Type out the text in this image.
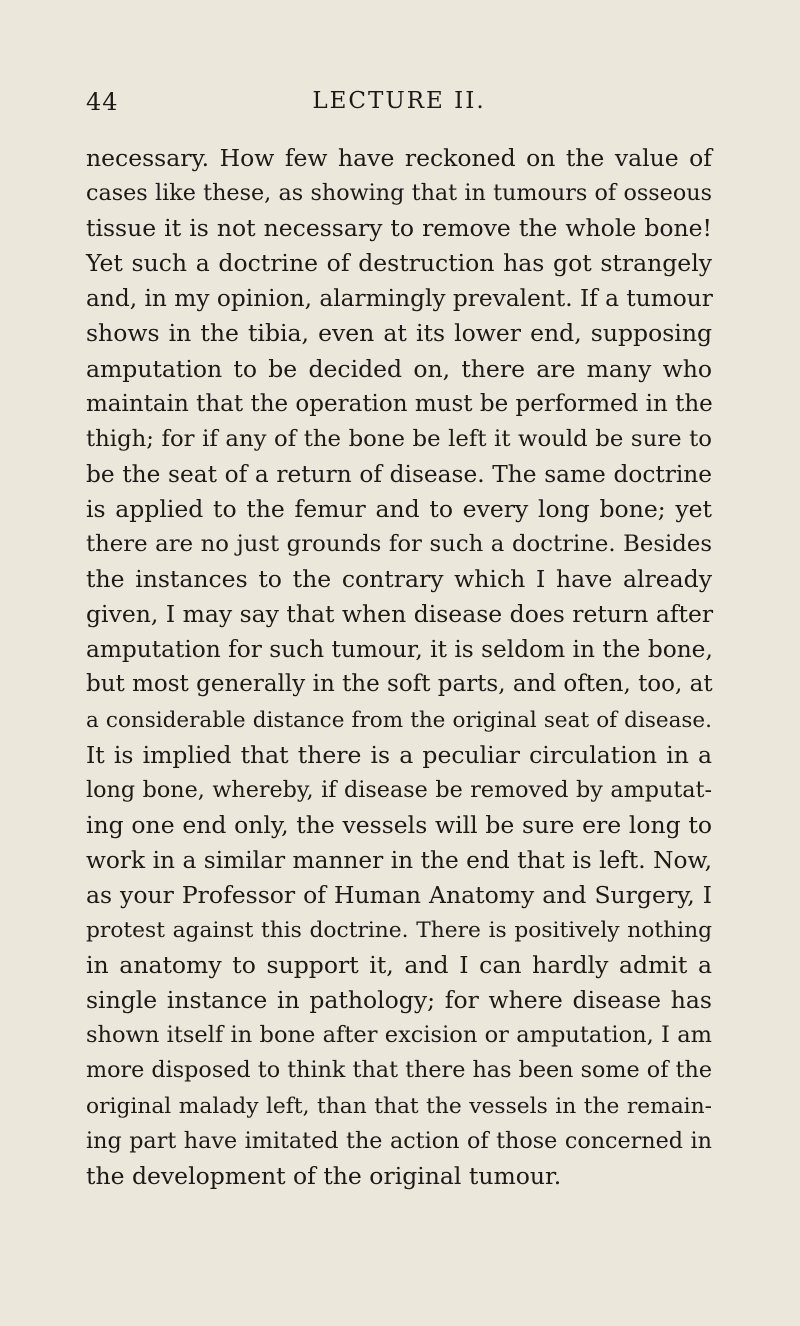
44	LECTURE II.
necessary. How few have reckoned on the value of
cases like these, as showing that in tumours of osseous
tissue it is not necessary to remove the whole bone!
Yet such a doctrine of destruction has got strangely
and, in my opinion, alarmingly prevalent. If a tumour
shows in the tibia, even at its lower end, supposing
amputation to be decided on, there are many who
maintain that the operation must be performed in the
thigh; for if any of the bone be left it would be sure to
be the seat of a return of disease. The same doctrine
is applied to the femur and to every long bone; yet
there are no just grounds for such a doctrine. Besides
the instances to the contrary which I have already
given, I may say that when disease does return after
amputation for such tumour, it is seldom in the bone,
but most generally in the soft parts, and often, too, at
a considerable distance from the original seat of disease.
It is implied that there is a peculiar circulation in a
long bone, whereby, if disease be removed by amputat-
ing one end only, the vessels will be sure ere long to
work in a similar manner in the end that is left. Now,
as your Professor of Human Anatomy and Surgery, I
protest against this doctrine. There is positively nothing
in anatomy to support it, and I can hardly admit a
single instance in pathology; for where disease has
shown itself in bone after excision or amputation, I am
more disposed to think that there has been some of the
original malady left, than that the vessels in the remain-
ing part have imitated the action of those concerned in
the development of the original tumour.
